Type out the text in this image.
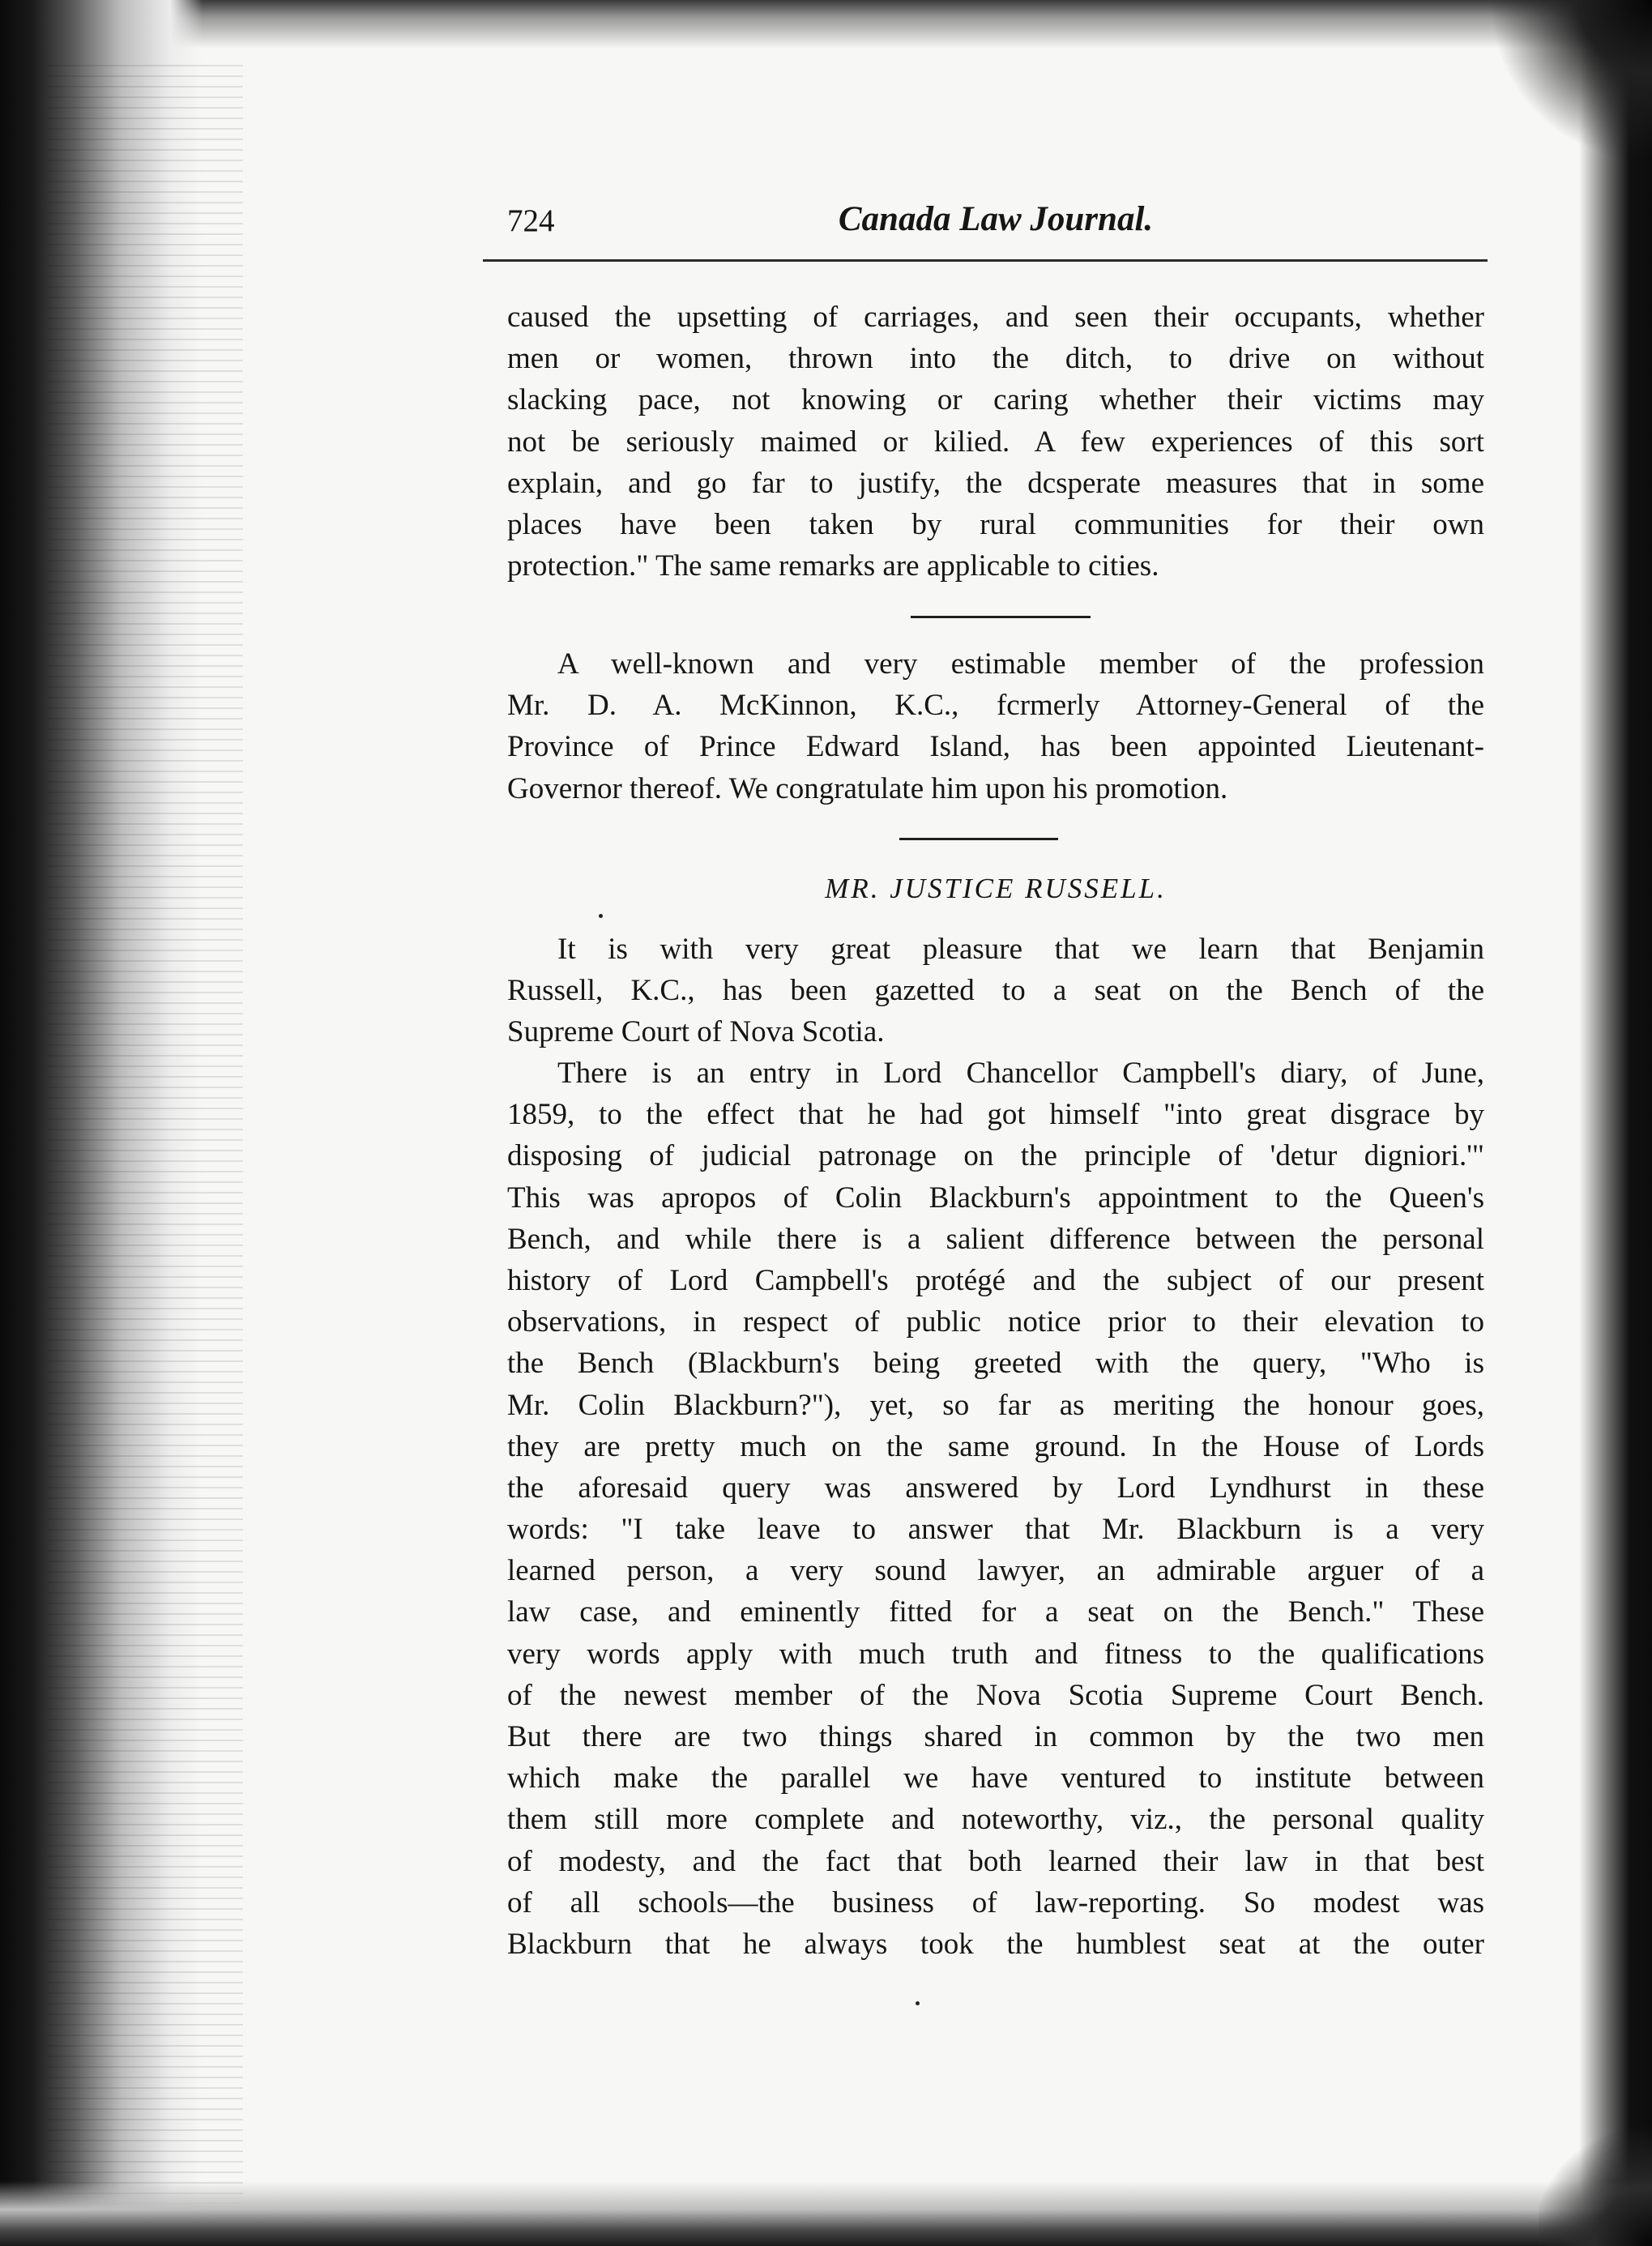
724	Canada Law Journal.
caused the upsetting of carriages, and seen their occupants, whether
men or women, thrown into the ditch, to drive on without
slacking pace, not knowing or caring whether their victims may
not be seriously maimed or kilied. A few experiences of this sort
explain, and go far to justify, the dcsperate measures that in some
places have been taken by rural communities for their own
protection." The same remarks are applicable to cities.
A well-known and very estimable member of the profession
Mr. D. A. McKinnon, K.C., fcrmerly Attorney-General of the
Province of Prince Edward Island, has been appointed Lieutenant-
Governor thereof. We congratulate him upon his promotion.
MR. JUSTICE RUSSELL.
It is with very great pleasure that we learn that Benjamin
Russell, K.C., has been gazetted to a seat on the Bench of the
Supreme Court of Nova Scotia.
There is an entry in Lord Chancellor Campbell's diary, of June,
1859, to the effect that he had got himself "into great disgrace by
disposing of judicial patronage on the principle of 'detur digniori.'"
This was apropos of Colin Blackburn's appointment to the Queen's
Bench, and while there is a salient difference between the personal
history of Lord Campbell's protégé and the subject of our present
observations, in respect of public notice prior to their elevation to
the Bench (Blackburn's being greeted with the query, "Who is
Mr. Colin Blackburn?"), yet, so far as meriting the honour goes,
they are pretty much on the same ground. In the House of Lords
the aforesaid query was answered by Lord Lyndhurst in these
words: "I take leave to answer that Mr. Blackburn is a very
learned person, a very sound lawyer, an admirable arguer of a
law case, and eminently fitted for a seat on the Bench." These
very words apply with much truth and fitness to the qualifications
of the newest member of the Nova Scotia Supreme Court Bench.
But there are two things shared in common by the two men
which make the parallel we have ventured to institute between
them still more complete and noteworthy, viz., the personal quality
of modesty, and the fact that both learned their law in that best
of all schools—the business of law-reporting. So modest was
Blackburn that he always took the humblest seat at the outer
